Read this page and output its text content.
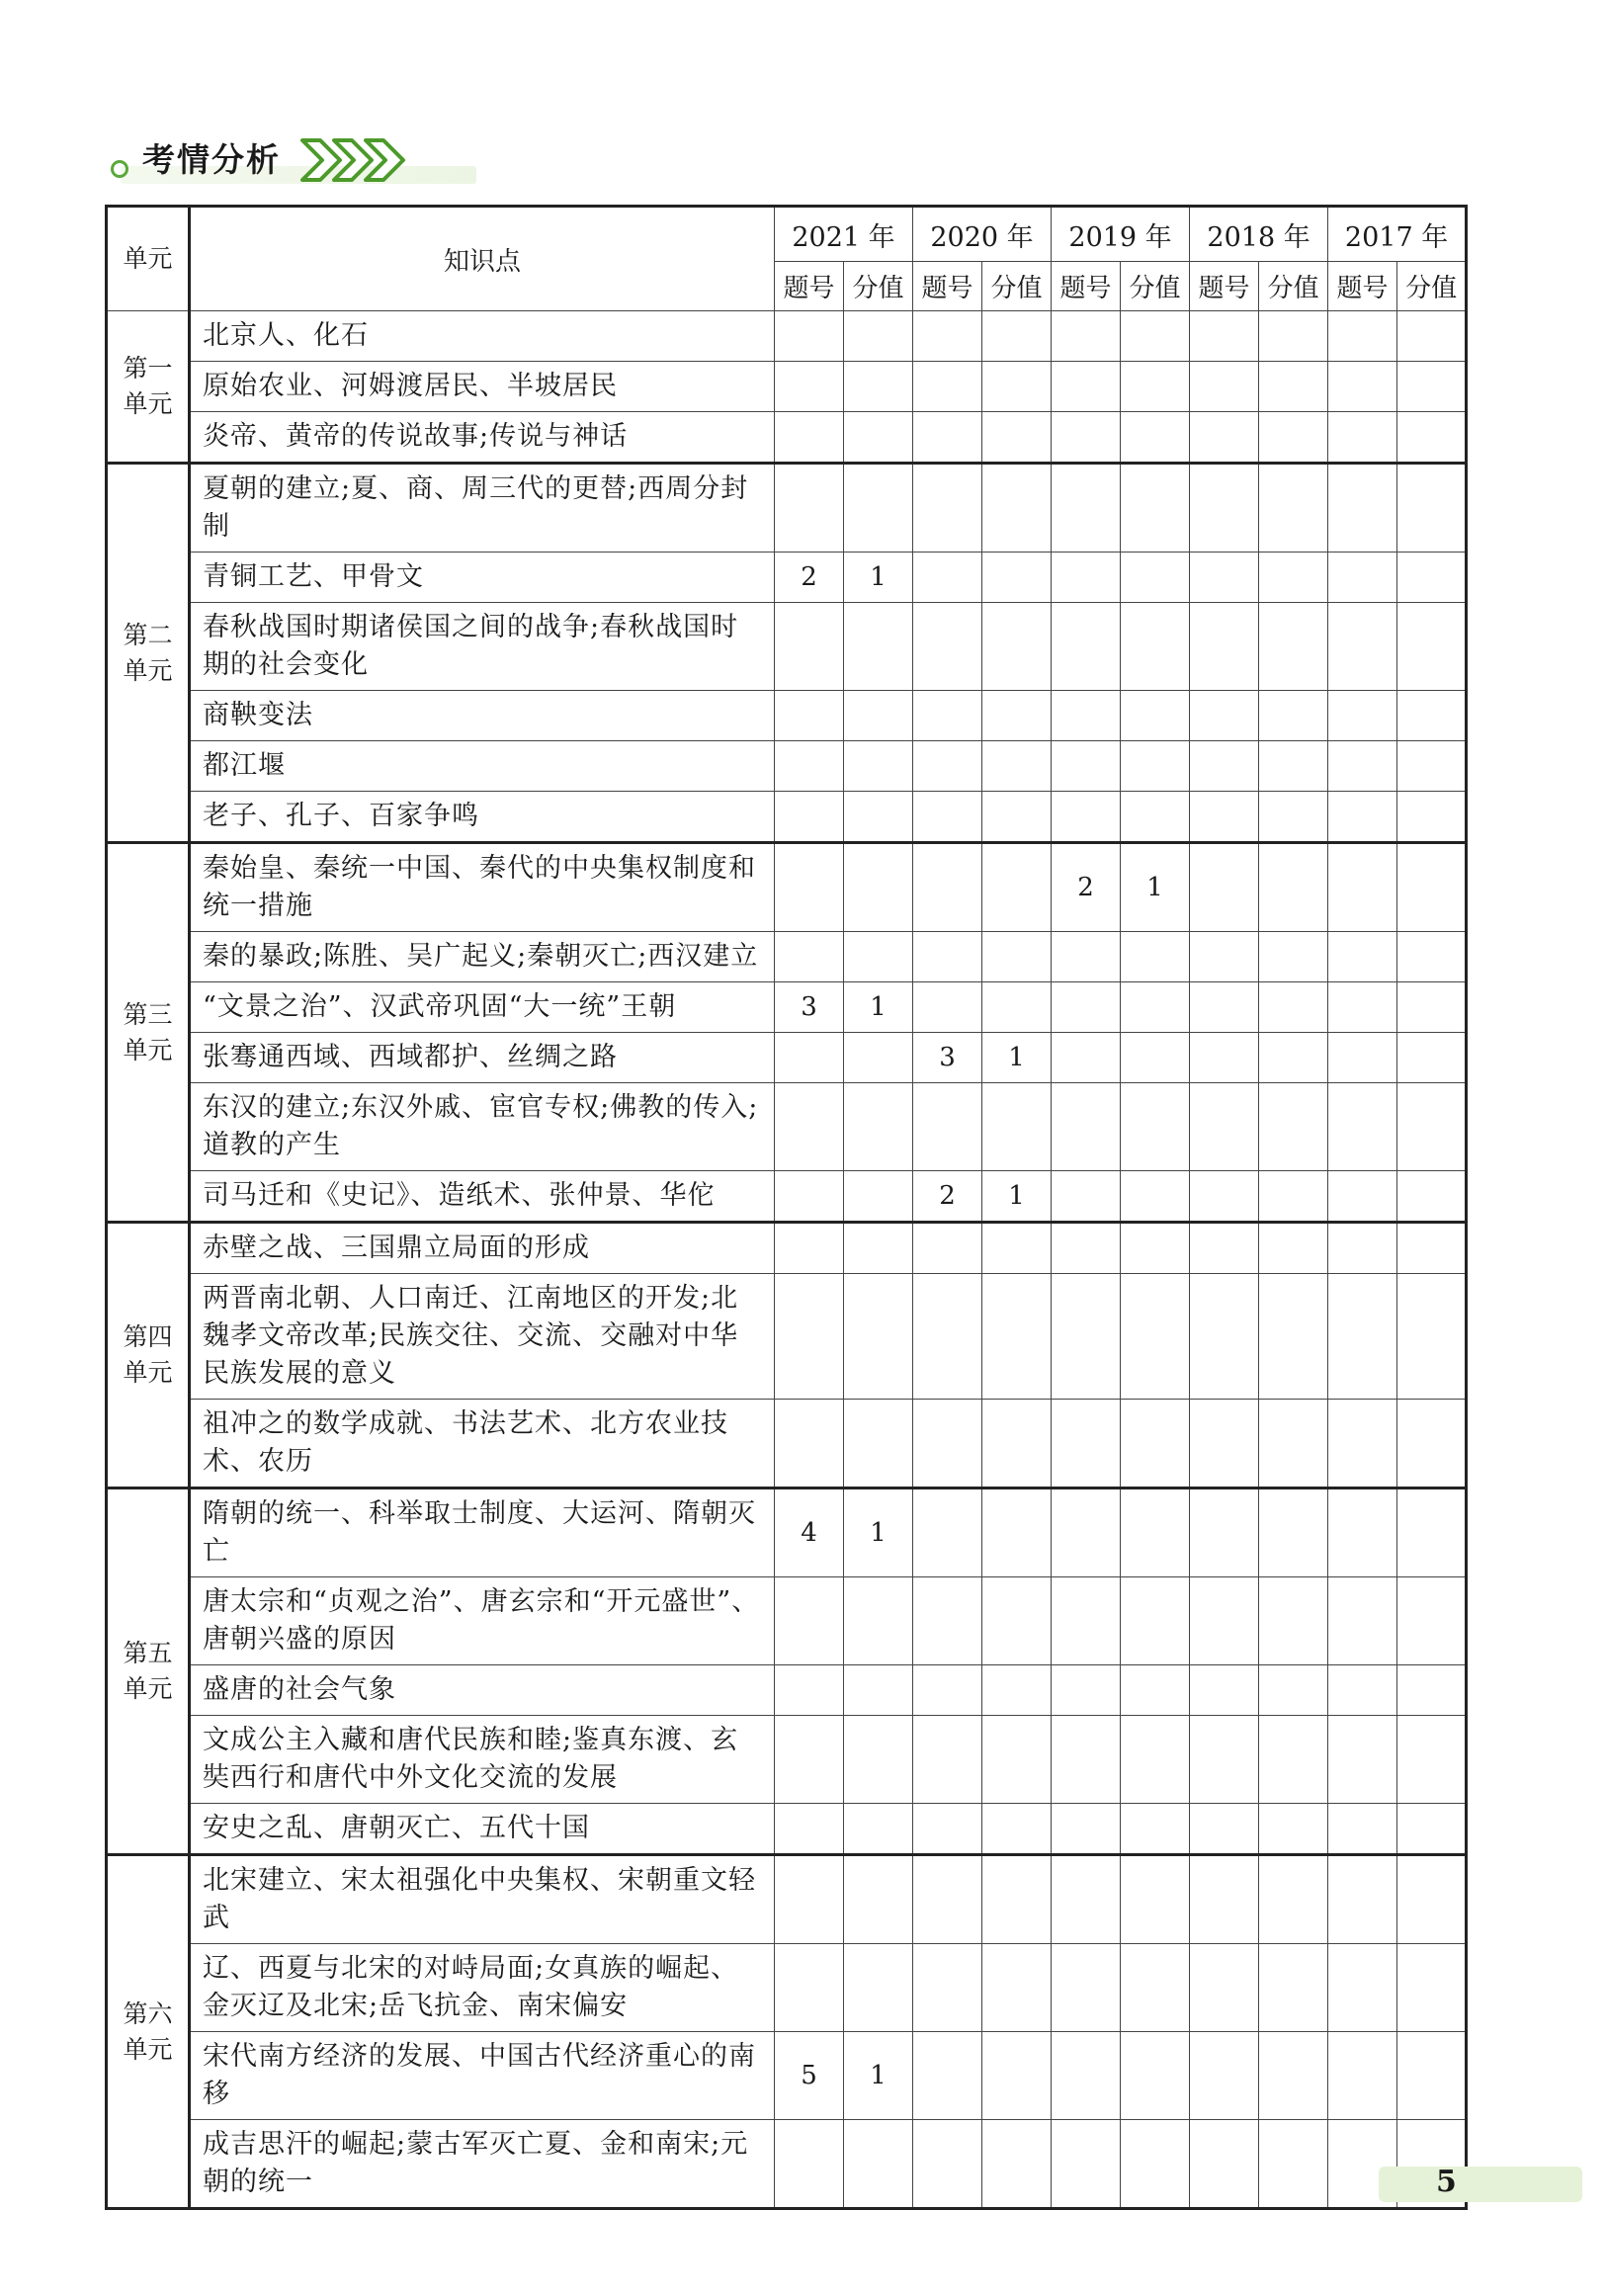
考情分析
单元	知识点	2021 年		2020 年		2019 年		2018 年		2017 年	
		题号	分值	题号	分值	题号	分值	题号	分值	题号	分值
第一
单元	北京人、化石										
	原始农业、河姆渡居民、半坡居民										
	炎帝、黄帝的传说故事;传说与神话										
第二
单元	夏朝的建立;夏、商、周三代的更替;西周分封制										
	青铜工艺、甲骨文	2	1								
	春秋战国时期诸侯国之间的战争;春秋战国时期的社会变化										
	商鞅变法										
	都江堰										
	老子、孔子、百家争鸣										
第三
单元	秦始皇、秦统一中国、秦代的中央集权制度和统一措施					2	1				
	秦的暴政;陈胜、吴广起义;秦朝灭亡;西汉建立										
	“文景之治”、汉武帝巩固“大一统”王朝	3	1								
	张骞通西域、西域都护、丝绸之路			3	1						
	东汉的建立;东汉外戚、宦官专权;佛教的传入;道教的产生										
	司马迁和《史记》、造纸术、张仲景、华佗			2	1						
第四
单元	赤壁之战、三国鼎立局面的形成										
	两晋南北朝、人口南迁、江南地区的开发;北魏孝文帝改革;民族交往、交流、交融对中华民族发展的意义										
	祖冲之的数学成就、书法艺术、北方农业技术、农历										
第五
单元	隋朝的统一、科举取士制度、大运河、隋朝灭亡	4	1								
	唐太宗和“贞观之治”、唐玄宗和“开元盛世”、唐朝兴盛的原因										
	盛唐的社会气象										
	文成公主入藏和唐代民族和睦;鉴真东渡、玄奘西行和唐代中外文化交流的发展										
	安史之乱、唐朝灭亡、五代十国										
第六
单元	北宋建立、宋太祖强化中央集权、宋朝重文轻武										
	辽、西夏与北宋的对峙局面;女真族的崛起、金灭辽及北宋;岳飞抗金、南宋偏安										
	宋代南方经济的发展、中国古代经济重心的南移	5	1								
	成吉思汗的崛起;蒙古军灭亡夏、金和南宋;元朝的统一											5
